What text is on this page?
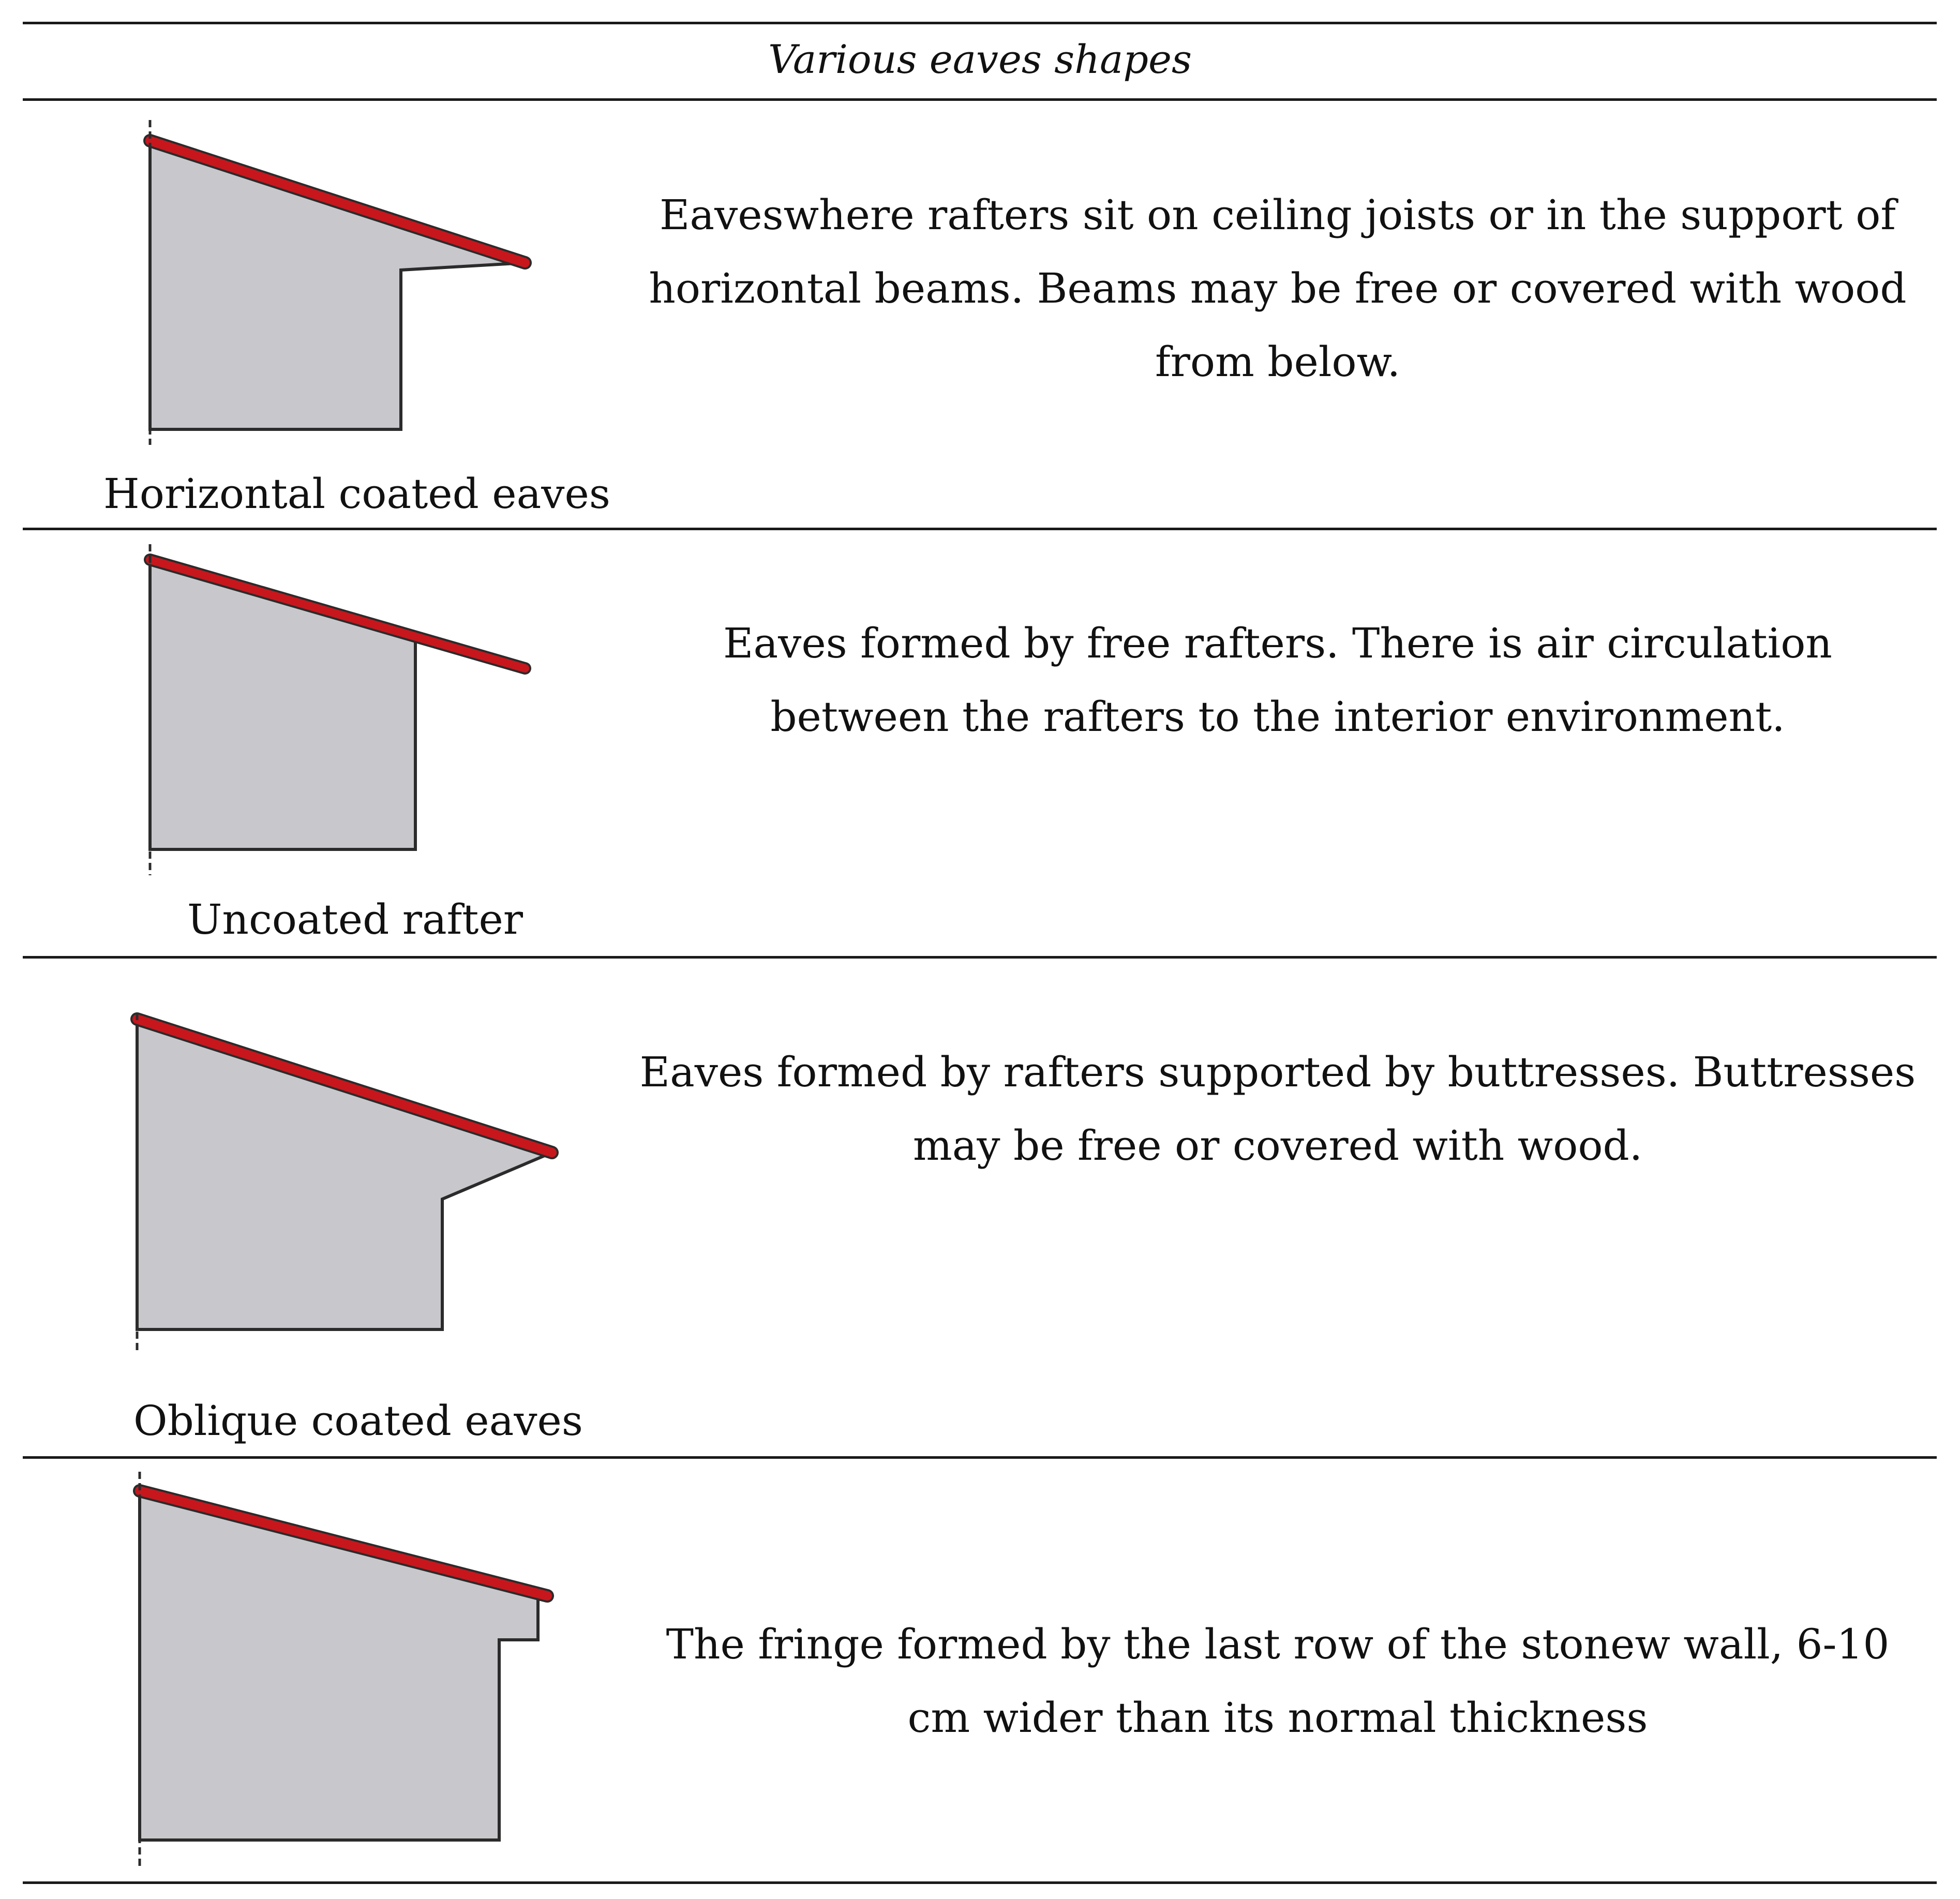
Various eaves shapes
Horizontal coated eaves
Eaveswhere rafters sit on ceiling joists or in the support of horizontal beams. Beams may be free or covered with wood from below.
Uncoated rafter
Eaves formed by free rafters. There is air circulation between the rafters to the interior environment.
Oblique coated eaves
Eaves formed by rafters supported by buttresses. Buttresses may be free or covered with wood.
The fringe formed by the last row of the stonew wall, 6-10 cm wider than its normal thickness
